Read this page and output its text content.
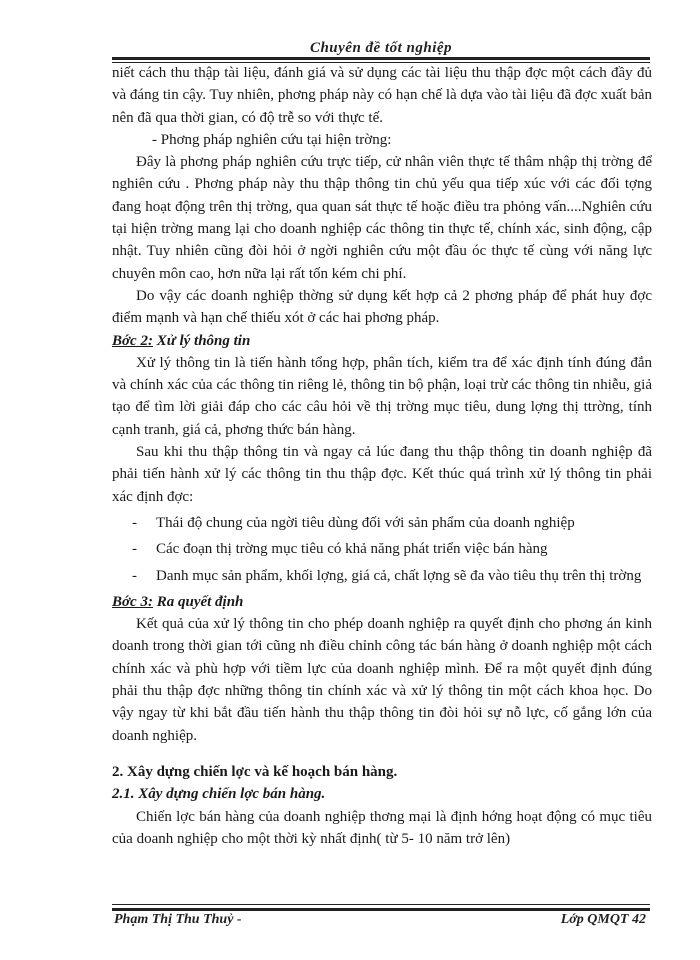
Chuyên đề tốt nghiệp

niết cách thu thập tài liệu, đánh giá và sử dụng các tài liệu thu thập đợc một cách đầy đủ và đáng tin cậy. Tuy nhiên, phơng pháp này có hạn chế là dựa vào tài liệu đã đợc xuất bản nên đã qua thời gian, có độ trễ so với thực tế.

- Phơng pháp nghiên cứu tại hiện trờng:

Đây là phơng pháp nghiên cứu trực tiếp, cử nhân viên thực tế thâm nhập thị trờng để nghiên cứu . Phơng pháp này thu thập thông tin chủ yếu qua tiếp xúc với các đối tợng đang hoạt động trên thị trờng, qua quan sát thực tế hoặc điều tra phỏng vấn....Nghiên cứu tại hiện trờng mang lại cho doanh nghiệp các thông tin thực tế, chính xác, sinh động, cập nhật. Tuy nhiên cũng đòi hỏi ở ngời nghiên cứu một đầu óc thực tế cùng với năng lực chuyên môn cao, hơn nữa lại rất tốn kém chi phí.

Do vậy các doanh nghiệp thờng sử dụng kết hợp cả 2 phơng pháp để phát huy đợc điểm mạnh và hạn chế thiếu xót ở các hai phơng pháp.

Bớc 2: Xử lý thông tin

Xử lý thông tin là tiến hành tổng hợp, phân tích, kiểm tra để xác định tính đúng đắn và chính xác của các thông tin riêng lẻ, thông tin bộ phận, loại trừ các thông tin nhiễu, giả tạo để tìm lời giải đáp cho các câu hỏi về thị trờng mục tiêu, dung lợng thị ttrờng, tính cạnh tranh, giá cả, phơng thức bán hàng.

Sau khi thu thập thông tin và ngay cả lúc đang thu thập thông tin doanh nghiệp đã phải tiến hành xử lý các thông tin thu thập đợc. Kết thúc quá trình xử lý thông tin phải xác định đợc:

- Thái độ chung của ngời tiêu dùng đối với sản phẩm của doanh nghiệp
- Các đoạn thị trờng mục tiêu có khả năng phát triển việc bán hàng
- Danh mục sản phẩm, khối lợng, giá cả, chất lợng sẽ đa vào tiêu thụ trên thị trờng

Bớc 3: Ra quyết định

Kết quả của xử lý thông tin cho phép doanh nghiệp ra quyết định cho phơng án kinh doanh trong thời gian tới cũng nh điều chỉnh công tác bán hàng ở doanh nghiệp một cách chính xác và phù hợp với tiềm lực của doanh nghiệp mình. Để ra một quyết định đúng phải thu thập đợc những thông tin chính xác và xử lý thông tin một cách khoa học. Do vậy ngay từ khi bắt đầu tiến hành thu thập thông tin đòi hỏi sự nỗ lực, cố gắng lớn của doanh nghiệp.

2. Xây dựng chiến lợc và kế hoạch bán hàng.

2.1. Xây dựng chiến lợc bán hàng.

Chiến lợc bán hàng của doanh nghiệp thơng mại là định hớng hoạt động có mục tiêu của doanh nghiệp cho một thời kỳ nhất định( từ 5- 10 năm trở lên)

Phạm Thị Thu Thuỷ -	Lớp QMQT 42
